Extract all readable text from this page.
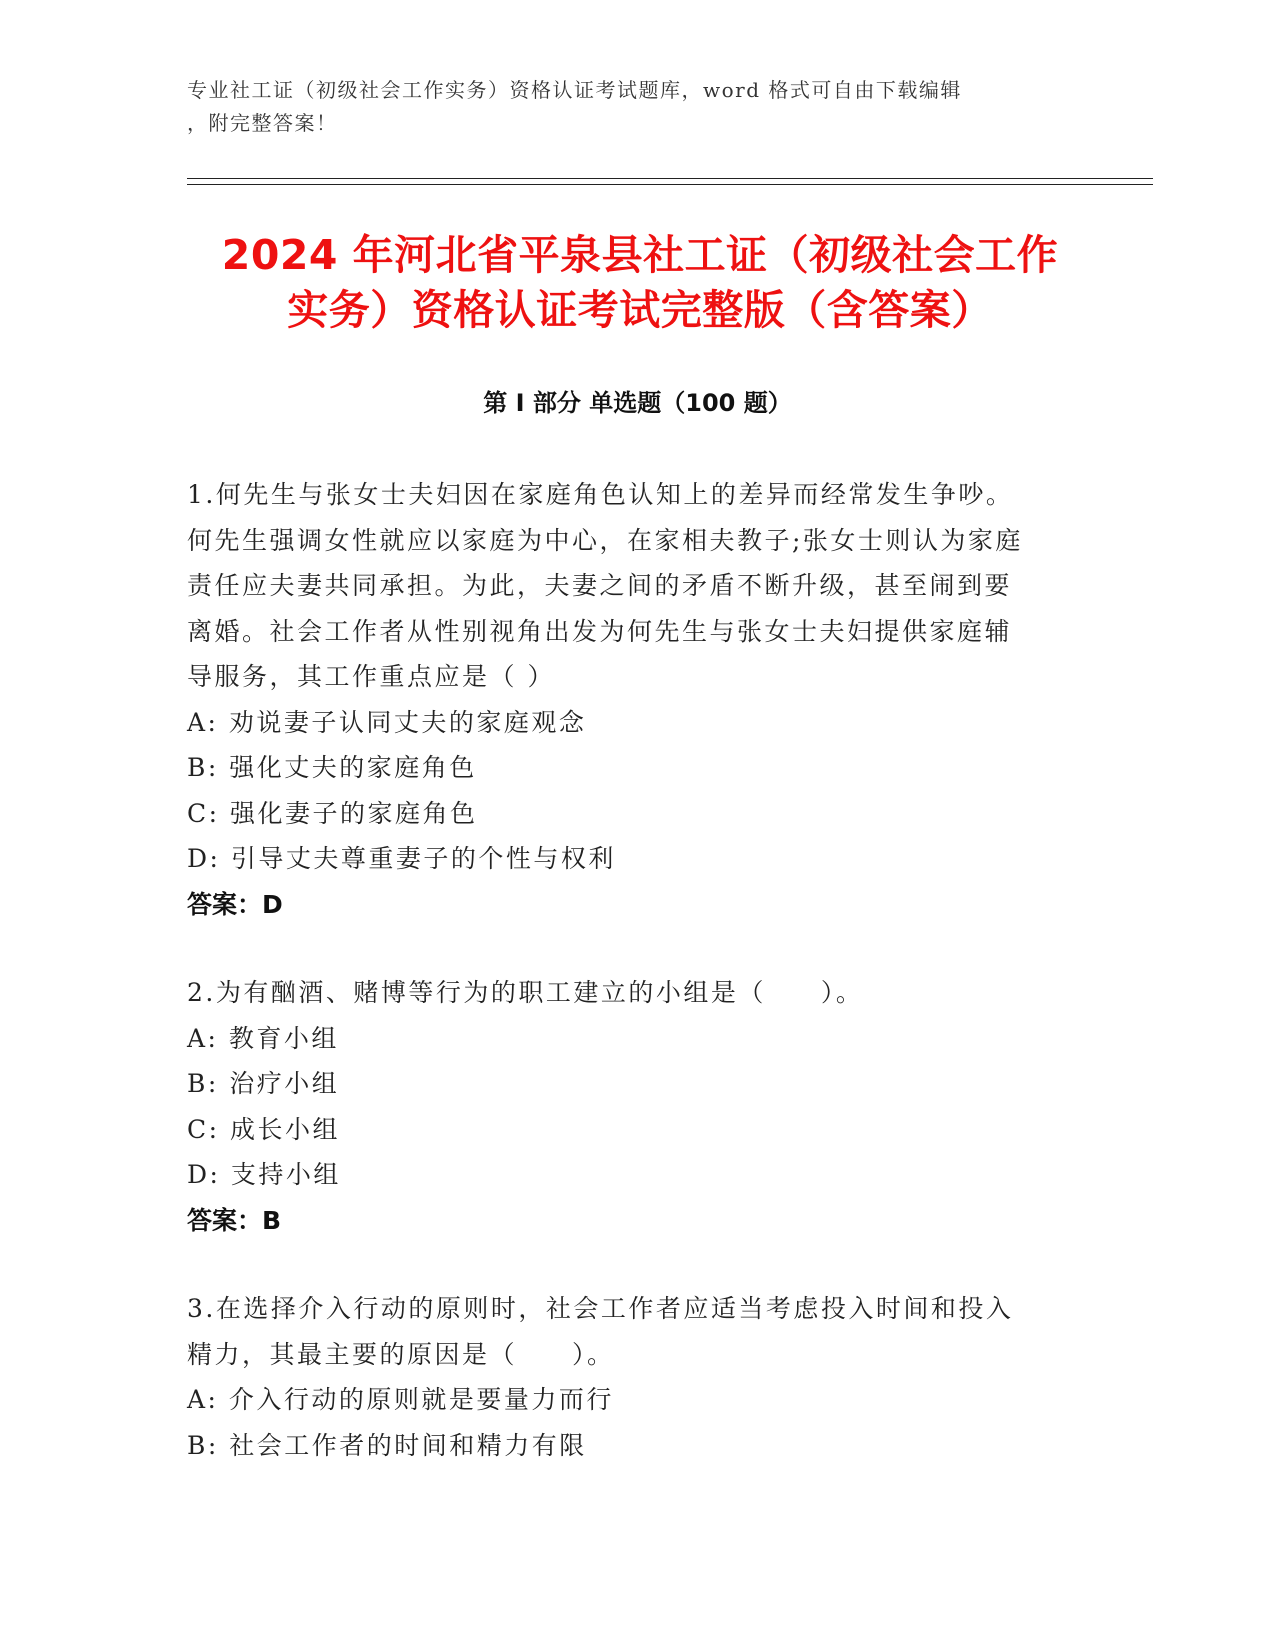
专业社工证（初级社会工作实务）资格认证考试题库，word 格式可自由下载编辑
，附完整答案！
2024 年河北省平泉县社工证（初级社会工作
实务）资格认证考试完整版（含答案）
第 I 部分 单选题（100 题）
1.何先生与张女士夫妇因在家庭角色认知上的差异而经常发生争吵。
何先生强调女性就应以家庭为中心，在家相夫教子;张女士则认为家庭
责任应夫妻共同承担。为此，夫妻之间的矛盾不断升级，甚至闹到要
离婚。社会工作者从性别视角出发为何先生与张女士夫妇提供家庭辅
导服务，其工作重点应是（ ）
A: 劝说妻子认同丈夫的家庭观念
B: 强化丈夫的家庭角色
C: 强化妻子的家庭角色
D: 引导丈夫尊重妻子的个性与权利
答案：D
2.为有酗酒、赌博等行为的职工建立的小组是（　　）。
A: 教育小组
B: 治疗小组
C: 成长小组
D: 支持小组
答案：B
3.在选择介入行动的原则时，社会工作者应适当考虑投入时间和投入
精力，其最主要的原因是（　　）。
A: 介入行动的原则就是要量力而行
B: 社会工作者的时间和精力有限
